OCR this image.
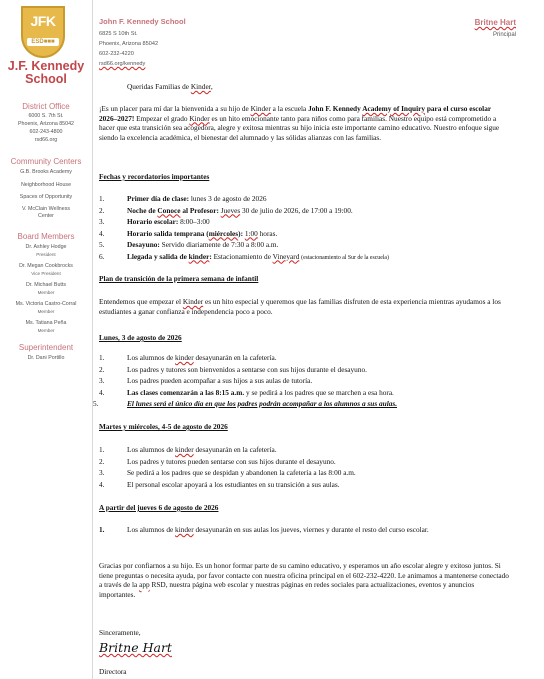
JFK
ESD■■■
J.F. Kennedy
School
District Office
6000 S. 7th St.
Phoenix, Arizona 85042
602-243-4800
rsd66.org
Community Centers
G.B. Brooks Academy
Neighborhood House
Spaces of Opportunity
V. McClain Wellness
Center
Board Members
Dr. Ashley Hodge
President
Dr. Megan Cookbrocks
Vice President
Dr. Michael Butts
Member
Ms. Victoria Castro-Corral
Member
Ms. Tatiana Peña
Member
Superintendent
Dr. Dani Portillo
John F. Kennedy School
6825 S 10th St.
Phoenix, Arizona 85042
602-232-4220
rsd66.org/kennedy
Britne Hart
Principal
Queridas Familias de Kinder,
¡Es un placer para mí dar la bienvenida a su hijo de Kinder a la escuela John F. Kennedy Academy of Inquiry para el curso escolar 2026–2027! Empezar el grado Kinder es un hito emocionante tanto para niños como para familias. Nuestro equipo está comprometido a hacer que esta transición sea acogedora, alegre y exitosa mientras su hijo inicia este importante camino educativo. Nuestro enfoque sigue siendo la excelencia académica, el bienestar del alumnado y las sólidas alianzas con las familias.
Fechas y recordatorios importantes
1.	Primer día de clase: lunes 3 de agosto de 2026
2.	Noche de Conoce al Profesor: Jueves 30 de julio de 2026, de 17:00 a 19:00.
3.	Horario escolar: 8:00–3:00
4.	Horario salida temprana (miércoles): 1:00 horas.
5.	Desayuno: Servido diariamente de 7:30 a 8:00 a.m.
6.	Llegada y salida de kinder: Estacionamiento de Vineyard (estacionamiento al Sur de la escuela)
Plan de transición de la primera semana de infantil
Entendemos que empezar el Kinder es un hito especial y queremos que las familias disfruten de esta experiencia mientras ayudamos a los estudiantes a ganar confianza e independencia poco a poco.
Lunes, 3 de agosto de 2026
1.	Los alumnos de kinder desayunarán en la cafetería.
2.	Los padres y tutores son bienvenidos a sentarse con sus hijos durante el desayuno.
3.	Los padres pueden acompañar a sus hijos a sus aulas de tutoría.
4.	Las clases comenzarán a las 8:15 a.m. y se pedirá a los padres que se marchen a esa hora.
5.	El lunes será el único día en que los padres podrán acompañar a los alumnos a sus aulas.
Martes y miércoles, 4-5 de agosto de 2026
1.	Los alumnos de kinder desayunarán en la cafetería.
2.	Los padres y tutores pueden sentarse con sus hijos durante el desayuno.
3.	Se pedirá a los padres que se despidan y abandonen la cafetería a las 8:00 a.m.
4.	El personal escolar apoyará a los estudiantes en su transición a sus aulas.
A partir del jueves 6 de agosto de 2026
1.	Los alumnos de kinder desayunarán en sus aulas los jueves, viernes y durante el resto del curso escolar.
Gracias por confiarnos a su hijo. Es un honor formar parte de su camino educativo, y esperamos un año escolar alegre y exitoso juntos. Si tiene preguntas o necesita ayuda, por favor contacte con nuestra oficina principal en el 602-232-4220. Le animamos a mantenerse conectado a través de la app RSD, nuestra página web escolar y nuestras páginas en redes sociales para actualizaciones, eventos y anuncios importantes.
Sinceramente,
Britne Hart
Directora
